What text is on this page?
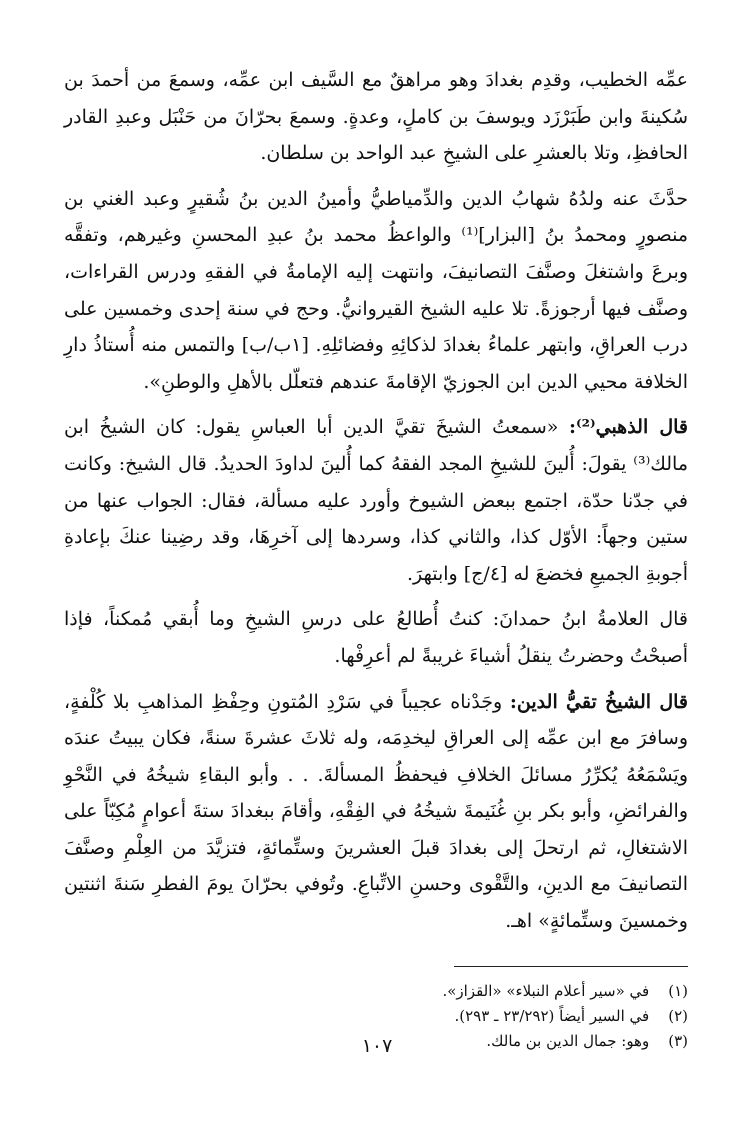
عمِّه الخطيب، وقدِم بغدادَ وهو مراهقٌ مع السَّيف ابن عمِّه، وسمعَ من أحمدَ بن سُكينةَ وابن طَبَرْزَد ويوسفَ بن كاملٍ، وعدةٍ. وسمعَ بحرّانَ من حَنْبَل وعبدِ القادر الحافظِ، وتلا بالعشرِ على الشيخِ عبد الواحد بن سلطان.

حدَّثَ عنه ولدُهُ شهابُ الدين والدِّمياطيُّ وأمينُ الدين بنُ شُقيرٍ وعبد الغني بن منصورٍ ومحمدُ بنُ [البزار]⁽¹⁾ والواعظُ محمد بنُ عبدِ المحسنِ وغيرهم، وتفقَّه وبرعَ واشتغلَ وصنَّفَ التصانيفَ، وانتهت إليه الإمامةُ في الفقهِ ودرس القراءات، وصنَّف فيها أرجوزةً. تلا عليه الشيخ القيروانيُّ. وحج في سنة إحدى وخمسين على درب العراقِ، وابتهر علماءُ بغدادَ لذكائِهِ وفضائلِهِ. [١ب/ب] والتمس منه أُستاذُ دارِ الخلافة محيي الدين ابن الجوزيّ الإقامةَ عندهم فتعلّل بالأهلِ والوطنِ».

قال الذهبي⁽²⁾: «سمعتُ الشيخَ تقيَّ الدين أبا العباسِ يقول: كان الشيخُ ابن مالك⁽³⁾ يقولَ: أُلينَ للشيخِ المجد الفقهُ كما أُلينَ لداودَ الحديدُ. قال الشيخ: وكانت في جدّنا حدّة، اجتمع ببعض الشيوخ وأورد عليه مسألة، فقال: الجواب عنها من ستين وجهاً: الأوّل كذا، والثاني كذا، وسردها إلى آخرِهَا، وقد رضِينا عنكَ بإعادةِ أجوبةِ الجميعِ فخضعَ له [٤/ج] وابتهرَ.

قال العلامةُ ابنُ حمدانَ: كنتُ أُطالعُ على درسِ الشيخِ وما أُبقي مُمكناً، فإذا أصبحْتُ وحضرتُ ينقلُ أشياءَ غريبةً لم أعرِفْها.

قال الشيخُ تقيُّ الدين: وجَدْناه عجيباً في سَرْدِ المُتونِ وحِفْظِ المذاهبِ بلا كُلْفةٍ، وسافرَ مع ابن عمِّه إلى العراقِ ليخدِمَه، وله ثلاثَ عشرةَ سنةً، فكان يبيتُ عندَه ويَسْمَعُهُ يُكرِّرُ مسائلَ الخلافِ فيحفظُ المسألةَ. . . وأبو البقاءِ شيخُهُ في النَّحْوِ والفرائضِ، وأبو بكر بنِ غُنَيمةَ شيخُهُ في الفِقْهِ، وأقامَ ببغدادَ ستةَ أعوامٍ مُكِبّاً على الاشتغالِ، ثم ارتحلَ إلى بغدادَ قبلَ العشرينَ وستِّمائةٍ، فتزيَّدَ من العِلْمِ وصنَّفَ التصانيفَ مع الدينِ، والتَّقْوى وحسنِ الاتِّباعِ. وتُوفي بحرّانَ يومَ الفطرِ سَنةَ اثنتين وخمسينَ وستِّمائةٍ» اهـ.

(١) في «سير أعلام النبلاء» «القزاز».

(٢) في السير أيضاً (٢٣/٢٩٢ ـ ٢٩٣).

(٣) وهو: جمال الدين بن مالك.

١٠٧
